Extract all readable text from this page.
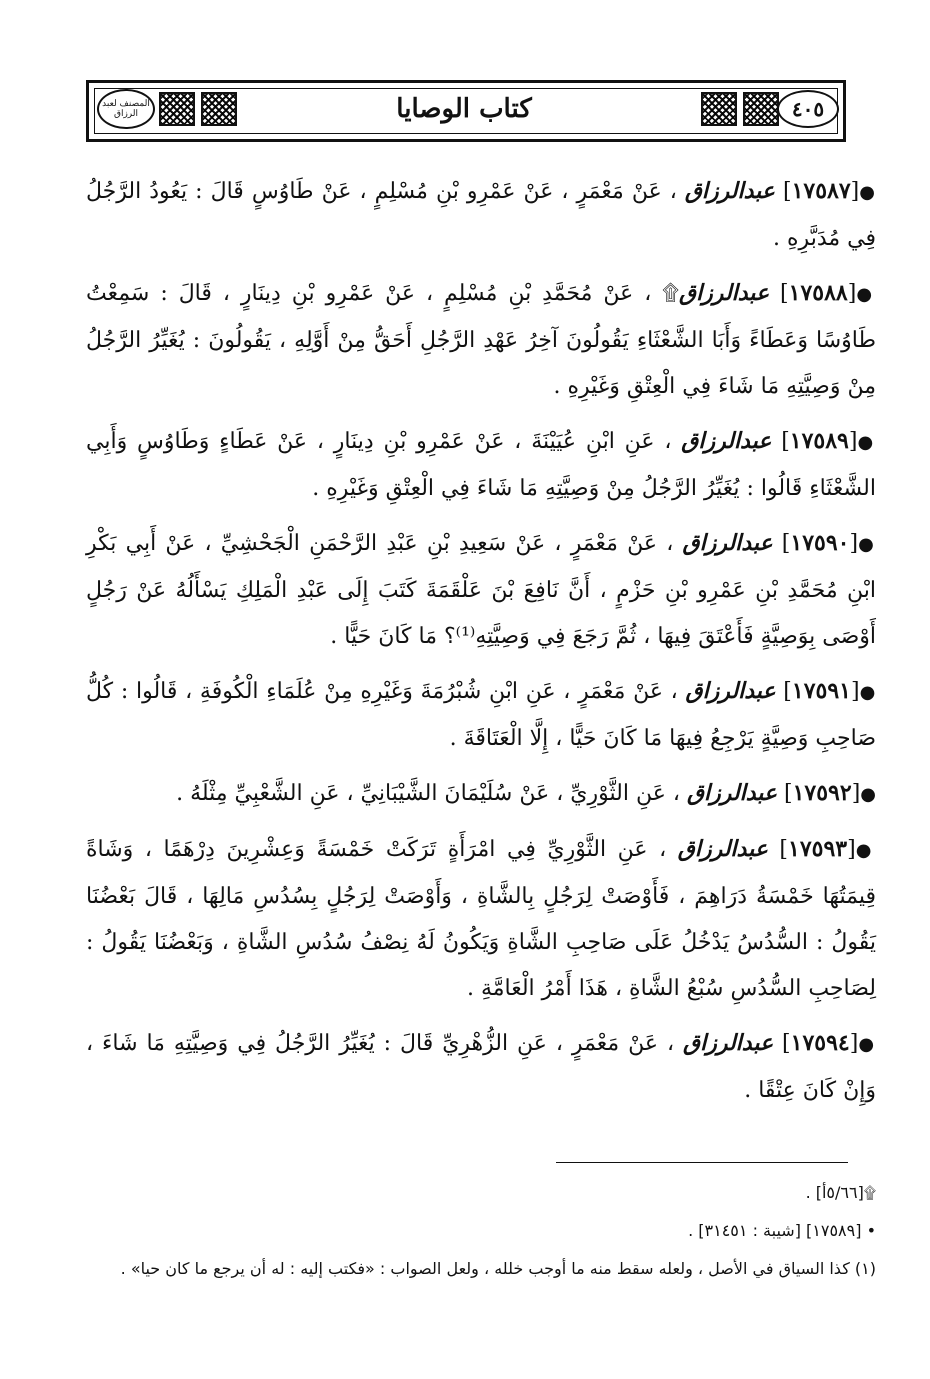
المصنف لعبد الرزاق	كتاب الوصايا	٤٠٥

●[١٧٥٨٧] عبدالرزاق ، عَنْ مَعْمَرٍ ، عَنْ عَمْرِو بْنِ مُسْلِمٍ ، عَنْ طَاوُسٍ قَالَ : يَعُودُ الرَّجُلُ فِي مُدَبَّرِهِ .

●[١٧٥٨٨] عبدالرزاق۩ ، عَنْ مُحَمَّدِ بْنِ مُسْلِمٍ ، عَنْ عَمْرِو بْنِ دِينَارٍ ، قَالَ : سَمِعْتُ طَاوُسًا وَعَطَاءً وَأَبَا الشَّعْثَاءِ يَقُولُونَ آخِرُ عَهْدِ الرَّجُلِ أَحَقُّ مِنْ أَوَّلِهِ ، يَقُولُونَ : يُغَيِّرُ الرَّجُلُ مِنْ وَصِيَّتِهِ مَا شَاءَ فِي الْعِتْقِ وَغَيْرِهِ .

●[١٧٥٨٩] عبدالرزاق ، عَنِ ابْنِ عُيَيْنَةَ ، عَنْ عَمْرِو بْنِ دِينَارٍ ، عَنْ عَطَاءٍ وَطَاوُسٍ وَأَبِي الشَّعْثَاءِ قَالُوا : يُغَيِّرُ الرَّجُلُ مِنْ وَصِيَّتِهِ مَا شَاءَ فِي الْعِتْقِ وَغَيْرِهِ .

●[١٧٥٩٠] عبدالرزاق ، عَنْ مَعْمَرٍ ، عَنْ سَعِيدِ بْنِ عَبْدِ الرَّحْمَنِ الْجَحْشِيِّ ، عَنْ أَبِي بَكْرِ ابْنِ مُحَمَّدِ بْنِ عَمْرِو بْنِ حَزْمٍ ، أَنَّ نَافِعَ بْنَ عَلْقَمَةَ كَتَبَ إِلَى عَبْدِ الْمَلِكِ يَسْأَلُهُ عَنْ رَجُلٍ أَوْصَى بِوَصِيَّةٍ فَأَعْتَقَ فِيهَا ، ثُمَّ رَجَعَ فِي وَصِيَّتِهِ⁽¹⁾؟ مَا كَانَ حَيًّا .

●[١٧٥٩١] عبدالرزاق ، عَنْ مَعْمَرٍ ، عَنِ ابْنِ شُبْرُمَةَ وَغَيْرِهِ مِنْ عُلَمَاءِ الْكُوفَةِ ، قَالُوا : كُلُّ صَاحِبِ وَصِيَّةٍ يَرْجِعُ فِيهَا مَا كَانَ حَيًّا ، إِلَّا الْعَتَاقَةَ .

●[١٧٥٩٢] عبدالرزاق ، عَنِ الثَّوْرِيِّ ، عَنْ سُلَيْمَانَ الشَّيْبَانِيِّ ، عَنِ الشَّعْبِيِّ مِثْلَهُ .

●[١٧٥٩٣] عبدالرزاق ، عَنِ الثَّوْرِيِّ فِي امْرَأَةٍ تَرَكَتْ خَمْسَةً وَعِشْرِينَ دِرْهَمًا ، وَشَاةً قِيمَتُهَا خَمْسَةُ دَرَاهِمَ ، فَأَوْصَتْ لِرَجُلٍ بِالشَّاةِ ، وَأَوْصَتْ لِرَجُلٍ بِسُدُسِ مَالِهَا ، قَالَ بَعْضُنَا يَقُولُ : السُّدُسُ يَدْخُلُ عَلَى صَاحِبِ الشَّاةِ وَيَكُونُ لَهُ نِصْفُ سُدُسِ الشَّاةِ ، وَبَعْضُنَا يَقُولُ : لِصَاحِبِ السُّدُسِ سُبْعُ الشَّاةِ ، هَذَا أَمْرُ الْعَامَّةِ .

●[١٧٥٩٤] عبدالرزاق ، عَنْ مَعْمَرٍ ، عَنِ الزُّهْرِيِّ قَالَ : يُغَيِّرُ الرَّجُلُ فِي وَصِيَّتِهِ مَا شَاءَ ، وَإِنْ كَانَ عِتْقًا .

۩[٥/٦٦أ] .

• [١٧٥٨٩] [شيبة : ٣١٤٥١] .

(١) كذا السياق في الأصل ، ولعله سقط منه ما أوجب خلله ، ولعل الصواب : «فكتب إليه : له أن يرجع ما كان حيا» .
